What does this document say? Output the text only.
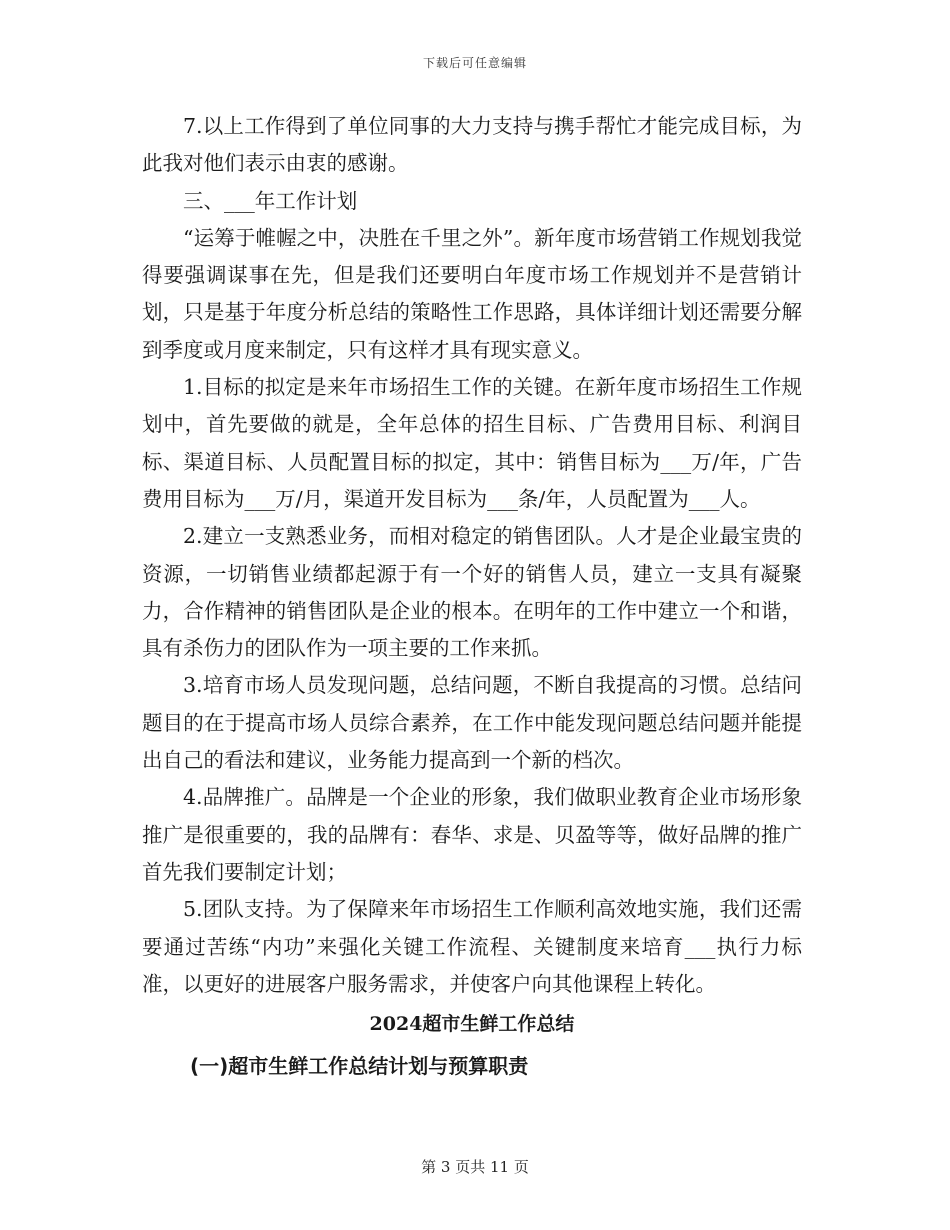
下载后可任意编辑

7.以上工作得到了单位同事的大力支持与携手帮忙才能完成目标，为此我对他们表示由衷的感谢。

三、___年工作计划

“运筹于帷幄之中，决胜在千里之外”。新年度市场营销工作规划我觉得要强调谋事在先，但是我们还要明白年度市场工作规划并不是营销计划，只是基于年度分析总结的策略性工作思路，具体详细计划还需要分解到季度或月度来制定，只有这样才具有现实意义。

1.目标的拟定是来年市场招生工作的关键。在新年度市场招生工作规划中，首先要做的就是，全年总体的招生目标、广告费用目标、利润目标、渠道目标、人员配置目标的拟定，其中：销售目标为___万/年，广告费用目标为___万/月，渠道开发目标为___条/年，人员配置为___人。

2.建立一支熟悉业务，而相对稳定的销售团队。人才是企业最宝贵的资源，一切销售业绩都起源于有一个好的销售人员，建立一支具有凝聚力，合作精神的销售团队是企业的根本。在明年的工作中建立一个和谐，具有杀伤力的团队作为一项主要的工作来抓。

3.培育市场人员发现问题，总结问题，不断自我提高的习惯。总结问题目的在于提高市场人员综合素养，在工作中能发现问题总结问题并能提出自己的看法和建议，业务能力提高到一个新的档次。

4.品牌推广。品牌是一个企业的形象，我们做职业教育企业市场形象推广是很重要的，我的品牌有：春华、求是、贝盈等等，做好品牌的推广首先我们要制定计划；

5.团队支持。为了保障来年市场招生工作顺利高效地实施，我们还需要通过苦练“内功”来强化关键工作流程、关键制度来培育___执行力标准，以更好的进展客户服务需求，并使客户向其他课程上转化。

2024超市生鲜工作总结
(一)超市生鲜工作总结计划与预算职责
第 3 页共 11 页
